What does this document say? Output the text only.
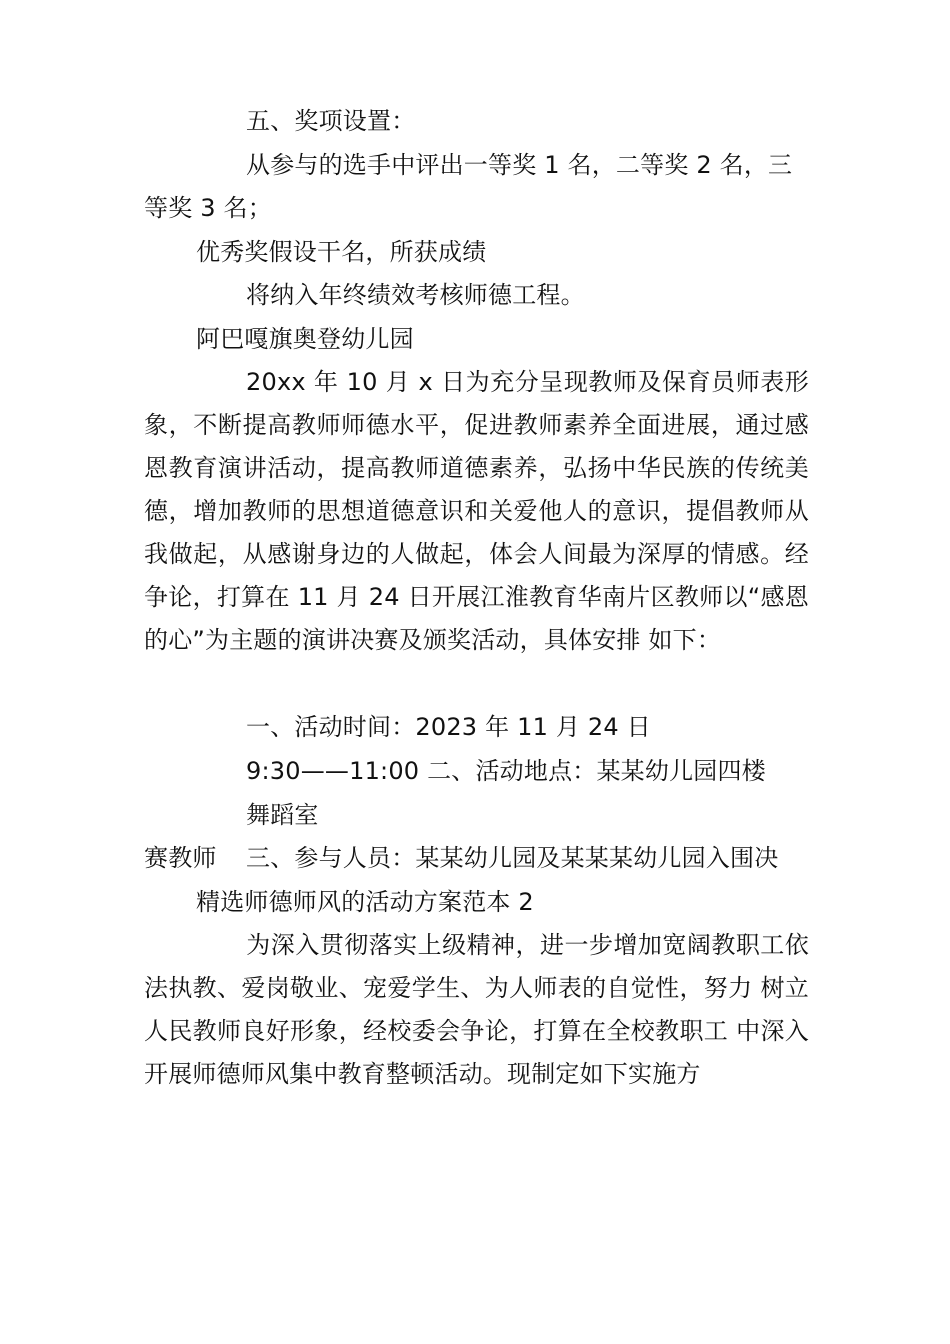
五、奖项设置：
从参与的选手中评出一等奖 1 名，二等奖 2 名，三
等奖 3 名；
优秀奖假设干名，所获成绩
将纳入年终绩效考核师德工程。
阿巴嘎旗奥登幼儿园
20xx 年 10 月 x 日为充分呈现教师及保育员师表形象，不断提高教师师德水平，促进教师素养全面进展，通过感恩教育演讲活动，提高教师道德素养，弘扬中华民族的传统美德，增加教师的思想道德意识和关爱他人的意识，提倡教师从我做起，从感谢身边的人做起，体会人间最为深厚的情感。经争论，打算在 11 月 24 日开展江淮教育华南片区教师以“感恩的心”为主题的演讲决赛及颁奖活动，具体安排 如下：
一、活动时间：2023 年 11 月 24 日
9:30——11:00 二、活动地点：某某幼儿园四楼
舞蹈室
赛教师 三、参与人员：某某幼儿园及某某某幼儿园入围决
精选师德师风的活动方案范本 2
为深入贯彻落实上级精神，进一步增加宽阔教职工依法执教、爱岗敬业、宠爱学生、为人师表的自觉性，努力 树立人民教师良好形象，经校委会争论，打算在全校教职工 中深入开展师德师风集中教育整顿活动。现制定如下实施方
